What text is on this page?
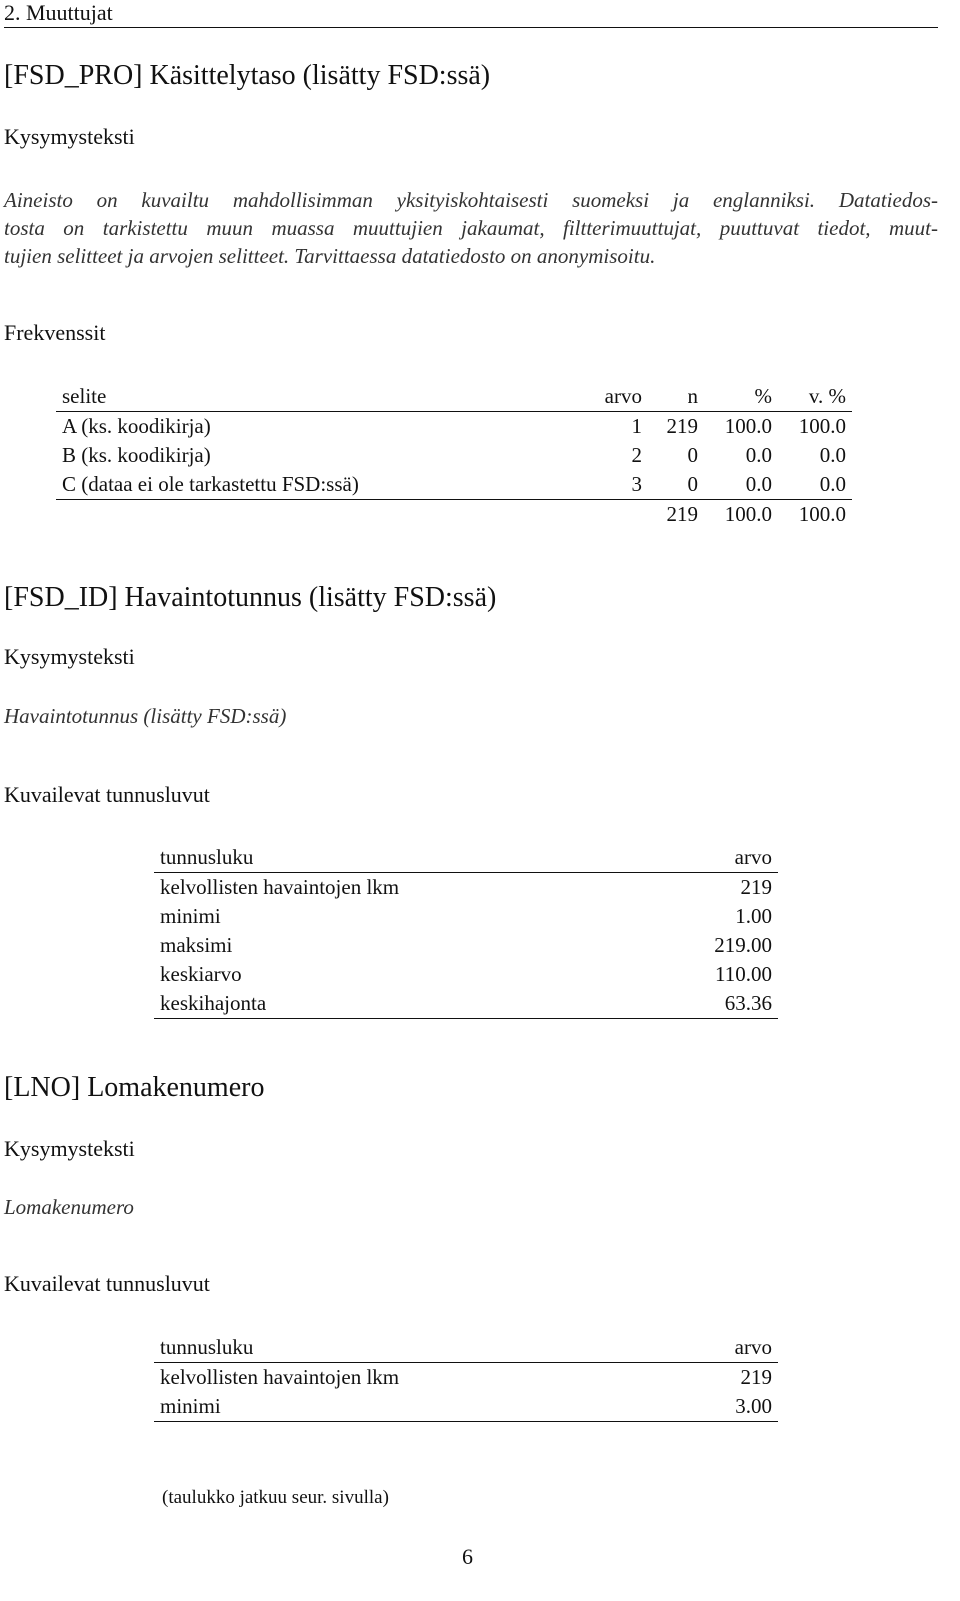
2. Muuttujat
[FSD_PRO] Käsittelytaso (lisätty FSD:ssä)
Kysymysteksti
Aineisto on kuvailtu mahdollisimman yksityiskohtaisesti suomeksi ja englanniksi. Datatiedos-
tosta on tarkistettu muun muassa muuttujien jakaumat, filtterimuuttujat, puuttuvat tiedot, muut-
tujien selitteet ja arvojen selitteet. Tarvittaessa datatiedosto on anonymisoitu.
Frekvenssit
selite	arvo	n	%	v. %
A (ks. koodikirja)	1	219	100.0	100.0
B (ks. koodikirja)	2	0	0.0	0.0
C (dataa ei ole tarkastettu FSD:ssä)	3	0	0.0	0.0
		219	100.0	100.0
[FSD_ID] Havaintotunnus (lisätty FSD:ssä)
Kysymysteksti
Havaintotunnus (lisätty FSD:ssä)
Kuvailevat tunnusluvut
tunnusluku	arvo
kelvollisten havaintojen lkm	219
minimi	1.00
maksimi	219.00
keskiarvo	110.00
keskihajonta	63.36
[LNO] Lomakenumero
Kysymysteksti
Lomakenumero
Kuvailevat tunnusluvut
tunnusluku	arvo
kelvollisten havaintojen lkm	219
minimi	3.00
(taulukko jatkuu seur. sivulla)
6
